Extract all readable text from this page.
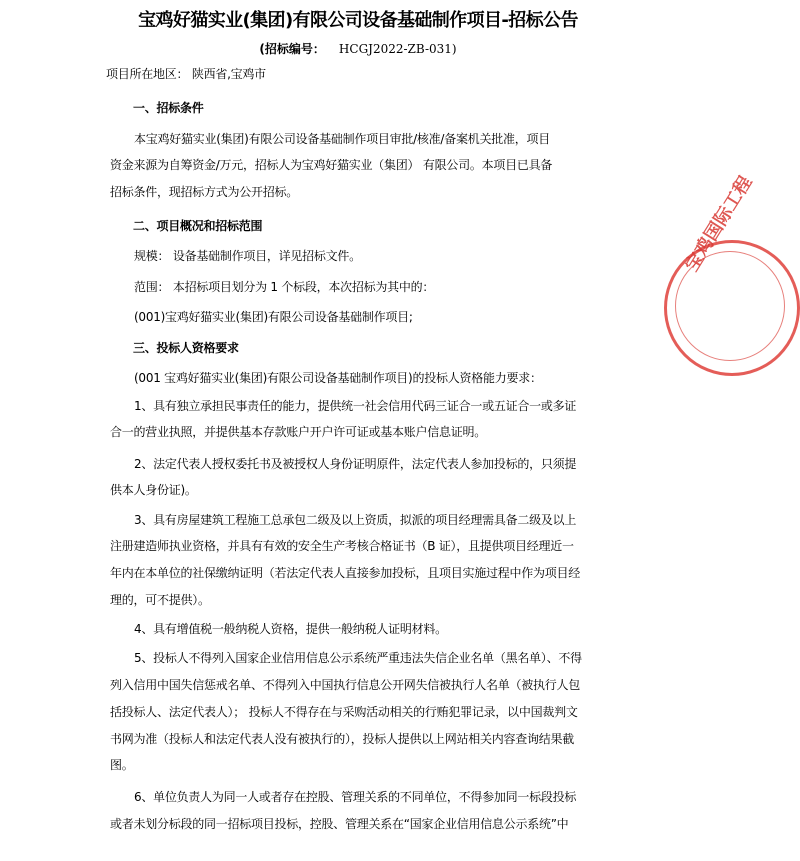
宝鸡好猫实业(集团)有限公司设备基础制作项目-招标公告
(招标编号： HCGJ2022-ZB-031)
项目所在地区： 陕西省,宝鸡市
一、招标条件
本宝鸡好猫实业(集团)有限公司设备基础制作项目审批/核准/备案机关批准，项目
资金来源为自筹资金/万元，招标人为宝鸡好猫实业（集团） 有限公司。本项目已具备
招标条件，现招标方式为公开招标。
二、项目概况和招标范围
规模： 设备基础制作项目，详见招标文件。
范围： 本招标项目划分为 1 个标段，本次招标为其中的：
(001)宝鸡好猫实业(集团)有限公司设备基础制作项目;
三、投标人资格要求
(001 宝鸡好猫实业(集团)有限公司设备基础制作项目)的投标人资格能力要求：
1、具有独立承担民事责任的能力，提供统一社会信用代码三证合一或五证合一或多证
合一的营业执照，并提供基本存款账户开户许可证或基本账户信息证明。
2、法定代表人授权委托书及被授权人身份证明原件，法定代表人参加投标的，只须提
供本人身份证)。
3、具有房屋建筑工程施工总承包二级及以上资质，拟派的项目经理需具备二级及以上
注册建造师执业资格，并具有有效的安全生产考核合格证书（B 证），且提供项目经理近一
年内在本单位的社保缴纳证明（若法定代表人直接参加投标，且项目实施过程中作为项目经
理的，可不提供）。
4、具有增值税一般纳税人资格，提供一般纳税人证明材料。
5、投标人不得列入国家企业信用信息公示系统严重违法失信企业名单（黑名单）、不得
列入信用中国失信惩戒名单、不得列入中国执行信息公开网失信被执行人名单（被执行人包
括投标人、法定代表人）； 投标人不得存在与采购活动相关的行贿犯罪记录，以中国裁判文
书网为准（投标人和法定代表人没有被执行的），投标人提供以上网站相关内容查询结果截
图。
6、单位负责人为同一人或者存在控股、管理关系的不同单位，不得参加同一标段投标
或者未划分标段的同一招标项目投标，控股、管理关系在“国家企业信用信息公示系统”中
宝鸡国际工程
